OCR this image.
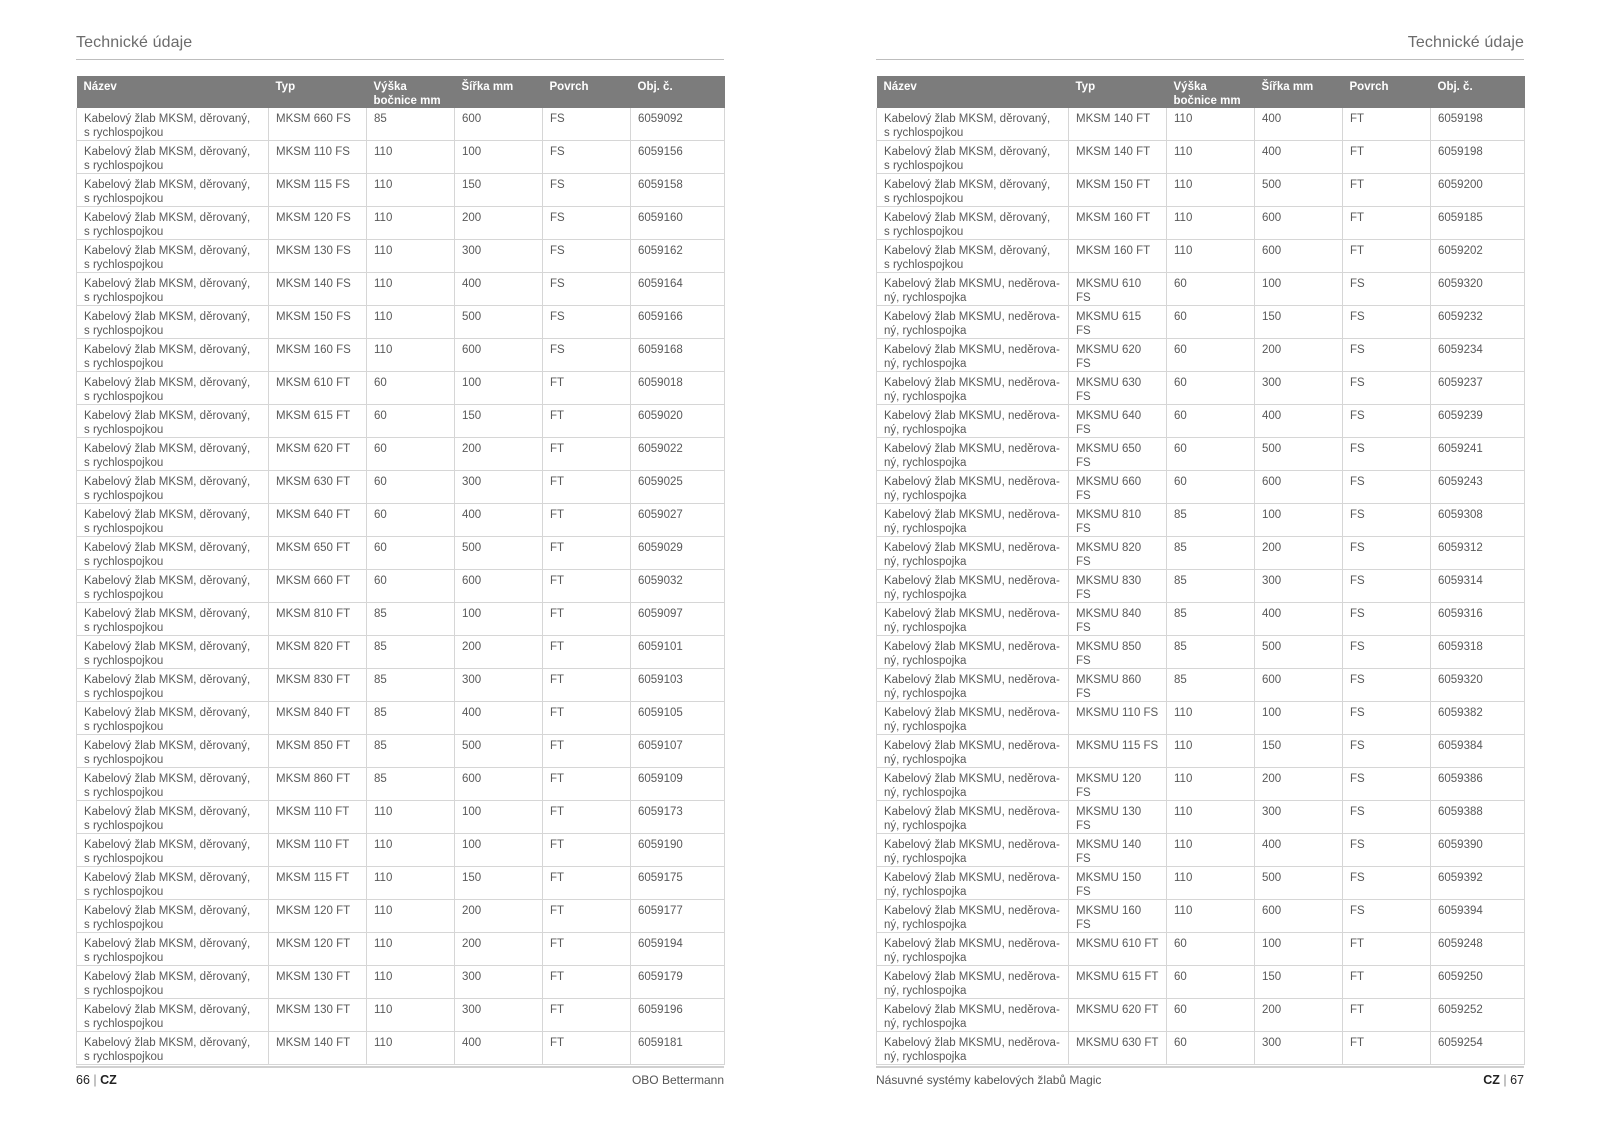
Technické údaje
Název	Typ	Výška bočnice mm	Šířka mm	Povrch	Obj. č.
Kabelový žlab MKSM, děrovaný,
s rychlospojkou	MKSM 660 FS	85	600	FS	6059092
Kabelový žlab MKSM, děrovaný,
s rychlospojkou	MKSM 110 FS	110	100	FS	6059156
Kabelový žlab MKSM, děrovaný,
s rychlospojkou	MKSM 115 FS	110	150	FS	6059158
Kabelový žlab MKSM, děrovaný,
s rychlospojkou	MKSM 120 FS	110	200	FS	6059160
Kabelový žlab MKSM, děrovaný,
s rychlospojkou	MKSM 130 FS	110	300	FS	6059162
Kabelový žlab MKSM, děrovaný,
s rychlospojkou	MKSM 140 FS	110	400	FS	6059164
Kabelový žlab MKSM, děrovaný,
s rychlospojkou	MKSM 150 FS	110	500	FS	6059166
Kabelový žlab MKSM, děrovaný,
s rychlospojkou	MKSM 160 FS	110	600	FS	6059168
Kabelový žlab MKSM, děrovaný,
s rychlospojkou	MKSM 610 FT	60	100	FT	6059018
Kabelový žlab MKSM, děrovaný,
s rychlospojkou	MKSM 615 FT	60	150	FT	6059020
Kabelový žlab MKSM, děrovaný,
s rychlospojkou	MKSM 620 FT	60	200	FT	6059022
Kabelový žlab MKSM, děrovaný,
s rychlospojkou	MKSM 630 FT	60	300	FT	6059025
Kabelový žlab MKSM, děrovaný,
s rychlospojkou	MKSM 640 FT	60	400	FT	6059027
Kabelový žlab MKSM, děrovaný,
s rychlospojkou	MKSM 650 FT	60	500	FT	6059029
Kabelový žlab MKSM, děrovaný,
s rychlospojkou	MKSM 660 FT	60	600	FT	6059032
Kabelový žlab MKSM, děrovaný,
s rychlospojkou	MKSM 810 FT	85	100	FT	6059097
Kabelový žlab MKSM, děrovaný,
s rychlospojkou	MKSM 820 FT	85	200	FT	6059101
Kabelový žlab MKSM, děrovaný,
s rychlospojkou	MKSM 830 FT	85	300	FT	6059103
Kabelový žlab MKSM, děrovaný,
s rychlospojkou	MKSM 840 FT	85	400	FT	6059105
Kabelový žlab MKSM, děrovaný,
s rychlospojkou	MKSM 850 FT	85	500	FT	6059107
Kabelový žlab MKSM, děrovaný,
s rychlospojkou	MKSM 860 FT	85	600	FT	6059109
Kabelový žlab MKSM, děrovaný,
s rychlospojkou	MKSM 110 FT	110	100	FT	6059173
Kabelový žlab MKSM, děrovaný,
s rychlospojkou	MKSM 110 FT	110	100	FT	6059190
Kabelový žlab MKSM, děrovaný,
s rychlospojkou	MKSM 115 FT	110	150	FT	6059175
Kabelový žlab MKSM, děrovaný,
s rychlospojkou	MKSM 120 FT	110	200	FT	6059177
Kabelový žlab MKSM, děrovaný,
s rychlospojkou	MKSM 120 FT	110	200	FT	6059194
Kabelový žlab MKSM, děrovaný,
s rychlospojkou	MKSM 130 FT	110	300	FT	6059179
Kabelový žlab MKSM, děrovaný,
s rychlospojkou	MKSM 130 FT	110	300	FT	6059196
Kabelový žlab MKSM, děrovaný,
s rychlospojkou	MKSM 140 FT	110	400	FT	6059181
66 | CZ	OBO Bettermann
Technické údaje
Název	Typ	Výška bočnice mm	Šířka mm	Povrch	Obj. č.
Kabelový žlab MKSM, děrovaný,
s rychlospojkou	MKSM 140 FT	110	400	FT	6059198
Kabelový žlab MKSM, děrovaný,
s rychlospojkou	MKSM 140 FT	110	400	FT	6059198
Kabelový žlab MKSM, děrovaný,
s rychlospojkou	MKSM 150 FT	110	500	FT	6059200
Kabelový žlab MKSM, děrovaný,
s rychlospojkou	MKSM 160 FT	110	600	FT	6059185
Kabelový žlab MKSM, děrovaný,
s rychlospojkou	MKSM 160 FT	110	600	FT	6059202
Kabelový žlab MKSMU, neděrova-
ný, rychlospojka	MKSMU 610 FS	60	100	FS	6059320
Kabelový žlab MKSMU, neděrova-
ný, rychlospojka	MKSMU 615 FS	60	150	FS	6059232
Kabelový žlab MKSMU, neděrova-
ný, rychlospojka	MKSMU 620 FS	60	200	FS	6059234
Kabelový žlab MKSMU, neděrova-
ný, rychlospojka	MKSMU 630 FS	60	300	FS	6059237
Kabelový žlab MKSMU, neděrova-
ný, rychlospojka	MKSMU 640 FS	60	400	FS	6059239
Kabelový žlab MKSMU, neděrova-
ný, rychlospojka	MKSMU 650 FS	60	500	FS	6059241
Kabelový žlab MKSMU, neděrova-
ný, rychlospojka	MKSMU 660 FS	60	600	FS	6059243
Kabelový žlab MKSMU, neděrova-
ný, rychlospojka	MKSMU 810 FS	85	100	FS	6059308
Kabelový žlab MKSMU, neděrova-
ný, rychlospojka	MKSMU 820 FS	85	200	FS	6059312
Kabelový žlab MKSMU, neděrova-
ný, rychlospojka	MKSMU 830 FS	85	300	FS	6059314
Kabelový žlab MKSMU, neděrova-
ný, rychlospojka	MKSMU 840 FS	85	400	FS	6059316
Kabelový žlab MKSMU, neděrova-
ný, rychlospojka	MKSMU 850 FS	85	500	FS	6059318
Kabelový žlab MKSMU, neděrova-
ný, rychlospojka	MKSMU 860 FS	85	600	FS	6059320
Kabelový žlab MKSMU, neděrova-
ný, rychlospojka	MKSMU 110 FS	110	100	FS	6059382
Kabelový žlab MKSMU, neděrova-
ný, rychlospojka	MKSMU 115 FS	110	150	FS	6059384
Kabelový žlab MKSMU, neděrova-
ný, rychlospojka	MKSMU 120 FS	110	200	FS	6059386
Kabelový žlab MKSMU, neděrova-
ný, rychlospojka	MKSMU 130 FS	110	300	FS	6059388
Kabelový žlab MKSMU, neděrova-
ný, rychlospojka	MKSMU 140 FS	110	400	FS	6059390
Kabelový žlab MKSMU, neděrova-
ný, rychlospojka	MKSMU 150 FS	110	500	FS	6059392
Kabelový žlab MKSMU, neděrova-
ný, rychlospojka	MKSMU 160 FS	110	600	FS	6059394
Kabelový žlab MKSMU, neděrova-
ný, rychlospojka	MKSMU 610 FT	60	100	FT	6059248
Kabelový žlab MKSMU, neděrova-
ný, rychlospojka	MKSMU 615 FT	60	150	FT	6059250
Kabelový žlab MKSMU, neděrova-
ný, rychlospojka	MKSMU 620 FT	60	200	FT	6059252
Kabelový žlab MKSMU, neděrova-
ný, rychlospojka	MKSMU 630 FT	60	300	FT	6059254
Násuvné systémy kabelových žlabů Magic	CZ | 67
